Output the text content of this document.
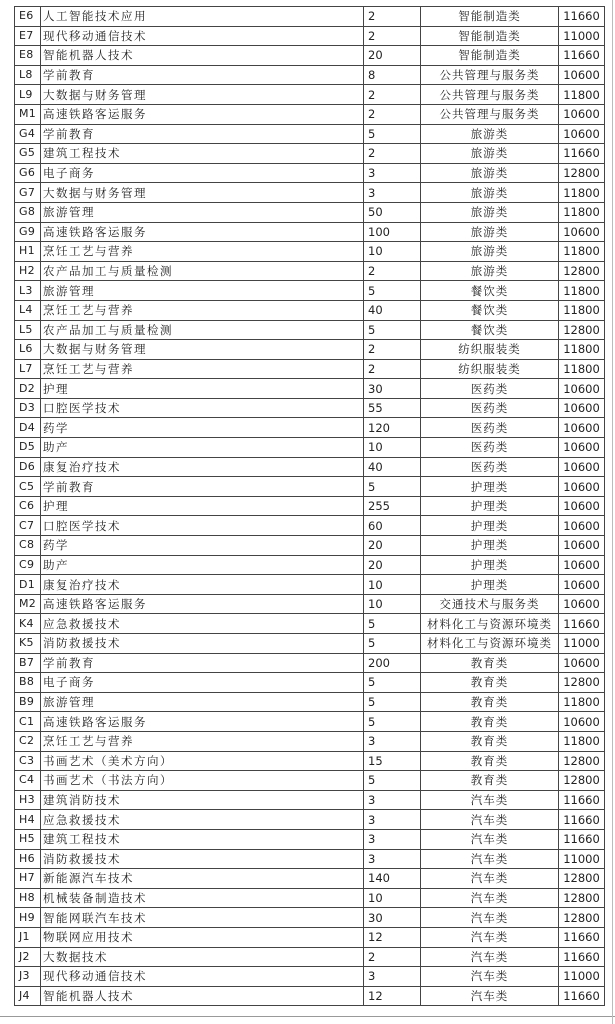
E6	人工智能技术应用	2	智能制造类	11660
E7	现代移动通信技术	2	智能制造类	11000
E8	智能机器人技术	20	智能制造类	11660
L8	学前教育	8	公共管理与服务类	10600
L9	大数据与财务管理	2	公共管理与服务类	11800
M1	高速铁路客运服务	2	公共管理与服务类	10600
G4	学前教育	5	旅游类	10600
G5	建筑工程技术	2	旅游类	11660
G6	电子商务	3	旅游类	12800
G7	大数据与财务管理	3	旅游类	11800
G8	旅游管理	50	旅游类	11800
G9	高速铁路客运服务	100	旅游类	10600
H1	烹饪工艺与营养	10	旅游类	11800
H2	农产品加工与质量检测	2	旅游类	12800
L3	旅游管理	5	餐饮类	11800
L4	烹饪工艺与营养	40	餐饮类	11800
L5	农产品加工与质量检测	5	餐饮类	12800
L6	大数据与财务管理	2	纺织服装类	11800
L7	烹饪工艺与营养	2	纺织服装类	11800
D2	护理	30	医药类	10600
D3	口腔医学技术	55	医药类	10600
D4	药学	120	医药类	10600
D5	助产	10	医药类	10600
D6	康复治疗技术	40	医药类	10600
C5	学前教育	5	护理类	10600
C6	护理	255	护理类	10600
C7	口腔医学技术	60	护理类	10600
C8	药学	20	护理类	10600
C9	助产	20	护理类	10600
D1	康复治疗技术	10	护理类	10600
M2	高速铁路客运服务	10	交通技术与服务类	10600
K4	应急救援技术	5	材料化工与资源环境类	11660
K5	消防救援技术	5	材料化工与资源环境类	11000
B7	学前教育	200	教育类	10600
B8	电子商务	5	教育类	12800
B9	旅游管理	5	教育类	11800
C1	高速铁路客运服务	5	教育类	10600
C2	烹饪工艺与营养	3	教育类	11800
C3	书画艺术（美术方向）	15	教育类	12800
C4	书画艺术（书法方向）	5	教育类	12800
H3	建筑消防技术	3	汽车类	11660
H4	应急救援技术	3	汽车类	11660
H5	建筑工程技术	3	汽车类	11660
H6	消防救援技术	3	汽车类	11000
H7	新能源汽车技术	140	汽车类	12800
H8	机械装备制造技术	10	汽车类	12800
H9	智能网联汽车技术	30	汽车类	12800
J1	物联网应用技术	12	汽车类	11660
J2	大数据技术	2	汽车类	11660
J3	现代移动通信技术	3	汽车类	11000
J4	智能机器人技术	12	汽车类	11660
